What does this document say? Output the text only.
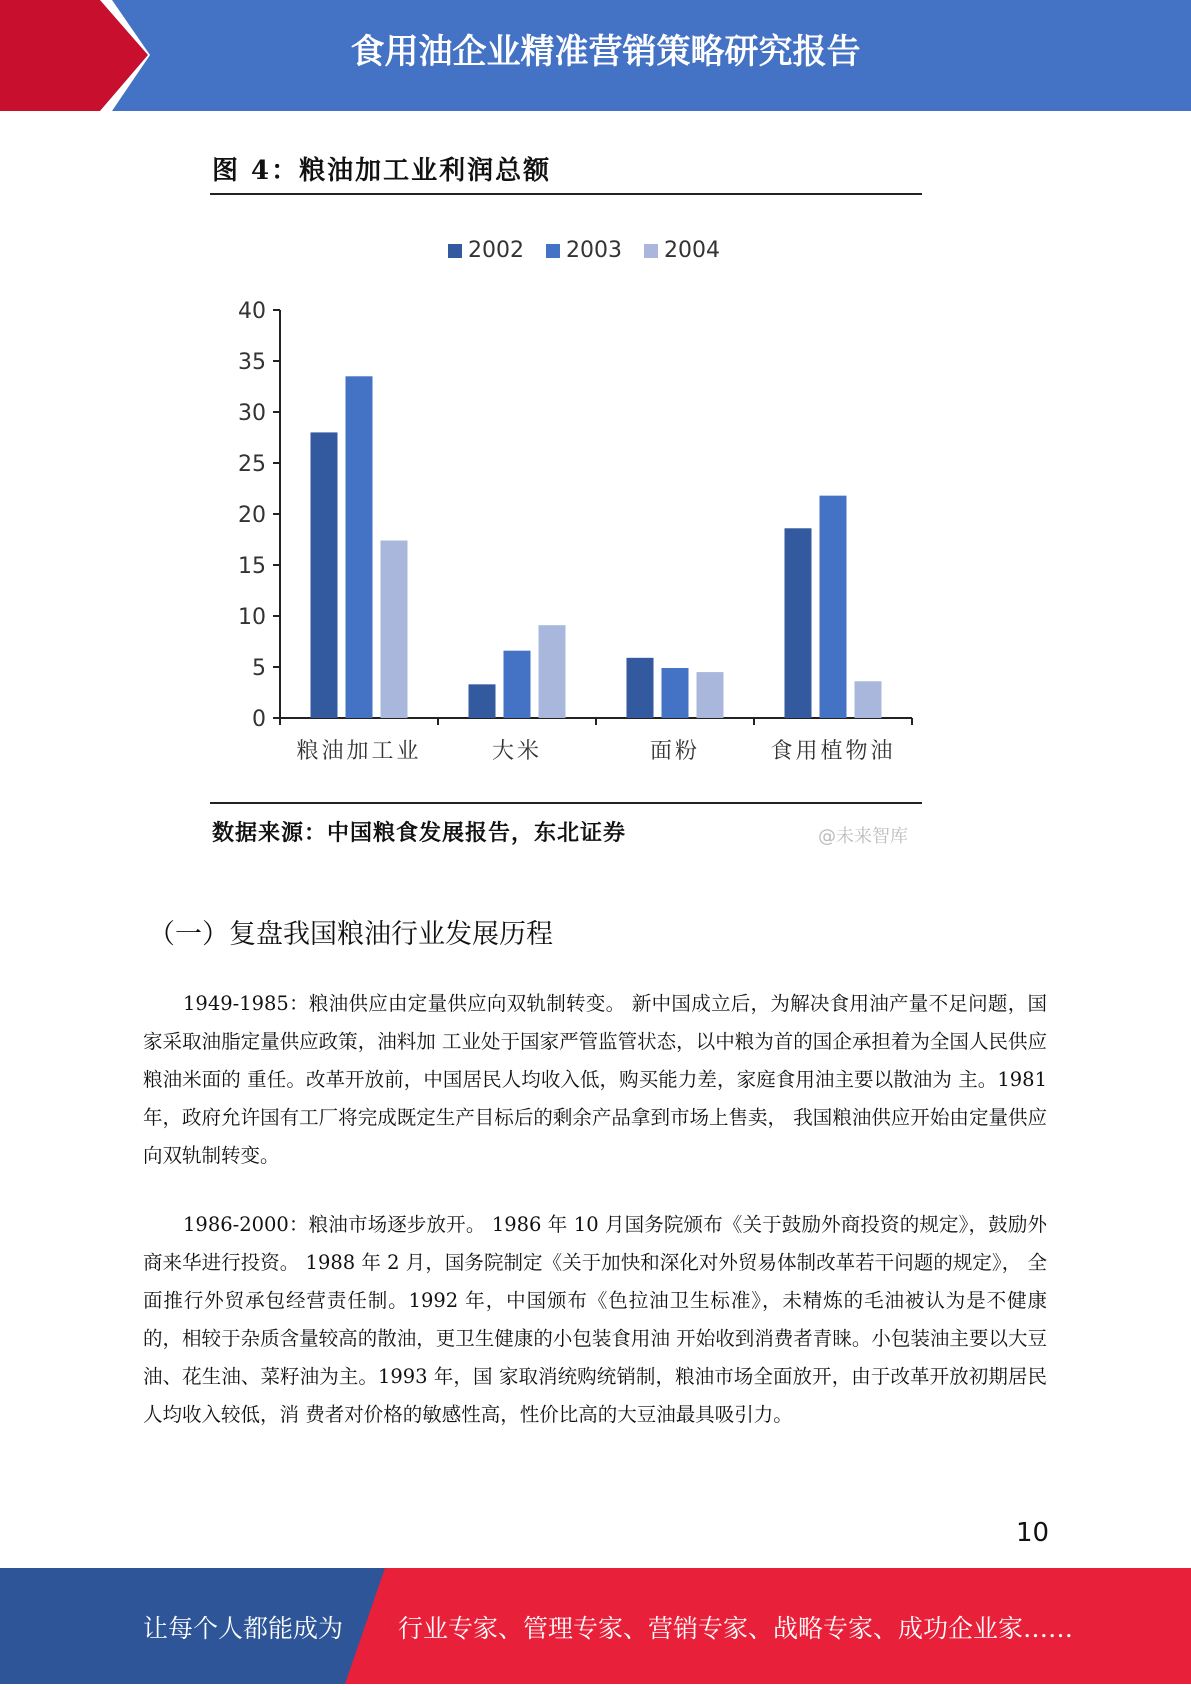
食用油企业精准营销策略研究报告
图 4：粮油加工业利润总额
2002 2003 2004
0
5
10
15
20
25
30
35
40
粮油加工业	大米	面粉	食用植物油
数据来源：中国粮食发展报告，东北证券	@未来智库
（一）复盘我国粮油行业发展历程

1949-1985：粮油供应由定量供应向双轨制转变。 新中国成立后，为解决食用油产量不足问题，国家采取油脂定量供应政策，油料加 工业处于国家严管监管状态，以中粮为首的国企承担着为全国人民供应粮油米面的 重任。改革开放前，中国居民人均收入低，购买能力差，家庭食用油主要以散油为 主。1981 年，政府允许国有工厂将完成既定生产目标后的剩余产品拿到市场上售卖， 我国粮油供应开始由定量供应向双轨制转变。

1986-2000：粮油市场逐步放开。 1986 年 10 月国务院颁布《关于鼓励外商投资的规定》，鼓励外商来华进行投资。 1988 年 2 月，国务院制定《关于加快和深化对外贸易体制改革若干问题的规定》， 全面推行外贸承包经营责任制。1992 年，中国颁布《色拉油卫生标准》，未精炼的毛油被认为是不健康的，相较于杂质含量较高的散油，更卫生健康的小包装食用油 开始收到消费者青睐。小包装油主要以大豆油、花生油、菜籽油为主。1993 年，国 家取消统购统销制，粮油市场全面放开，由于改革开放初期居民人均收入较低，消 费者对价格的敏感性高，性价比高的大豆油最具吸引力。

10
让每个人都能成为 行业专家、管理专家、营销专家、战略专家、成功企业家……
